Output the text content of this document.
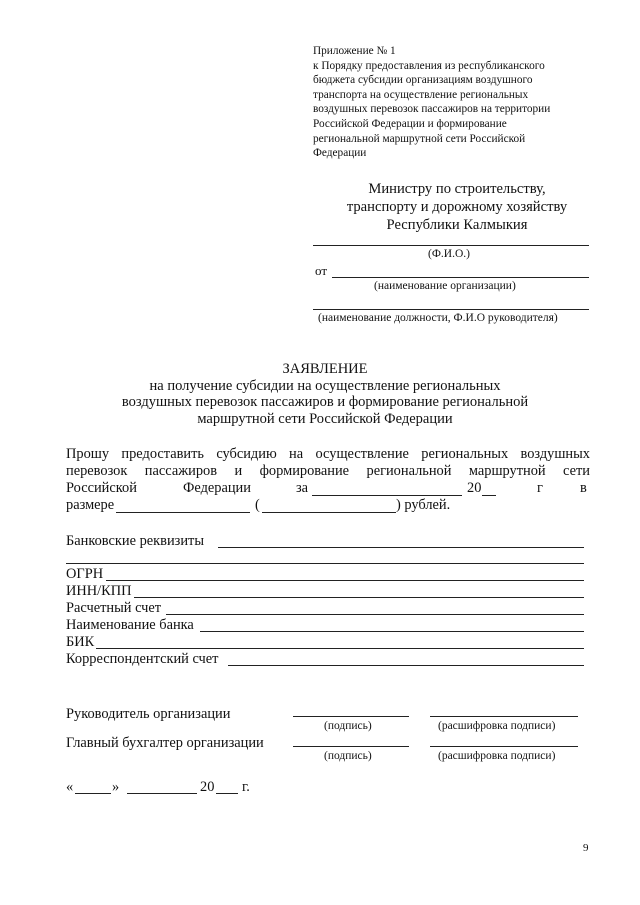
Приложение № 1
к Порядку предоставления из республиканского
бюджета субсидии организациям воздушного
транспорта на осуществление региональных
воздушных перевозок пассажиров на территории
Российской Федерации и формирование
региональной маршрутной сети Российской
Федерации
Министру по строительству,
транспорту и дорожному хозяйству
Республики Калмыкия
(Ф.И.О.)
от
(наименование организации)
(наименование должности, Ф.И.О руководителя)
ЗАЯВЛЕНИЕ
на получение субсидии на осуществление региональных
воздушных перевозок пассажиров и формирование региональной
маршрутной сети Российской Федерации
Прошу предоставить субсидию на осуществление региональных воздушных
перевозок пассажиров и формирование региональной маршрутной сети
Российской	Федерации	за	20	г	в
размере	(	) рублей.
Банковские реквизиты
ОГРН
ИНН/КПП
Расчетный счет
Наименование банка
БИК
Корреспондентский счет
Руководитель организации
(подпись)	(расшифровка подписи)
Главный бухгалтер организации
(подпись)	(расшифровка подписи)
«	»	20 г.
9
